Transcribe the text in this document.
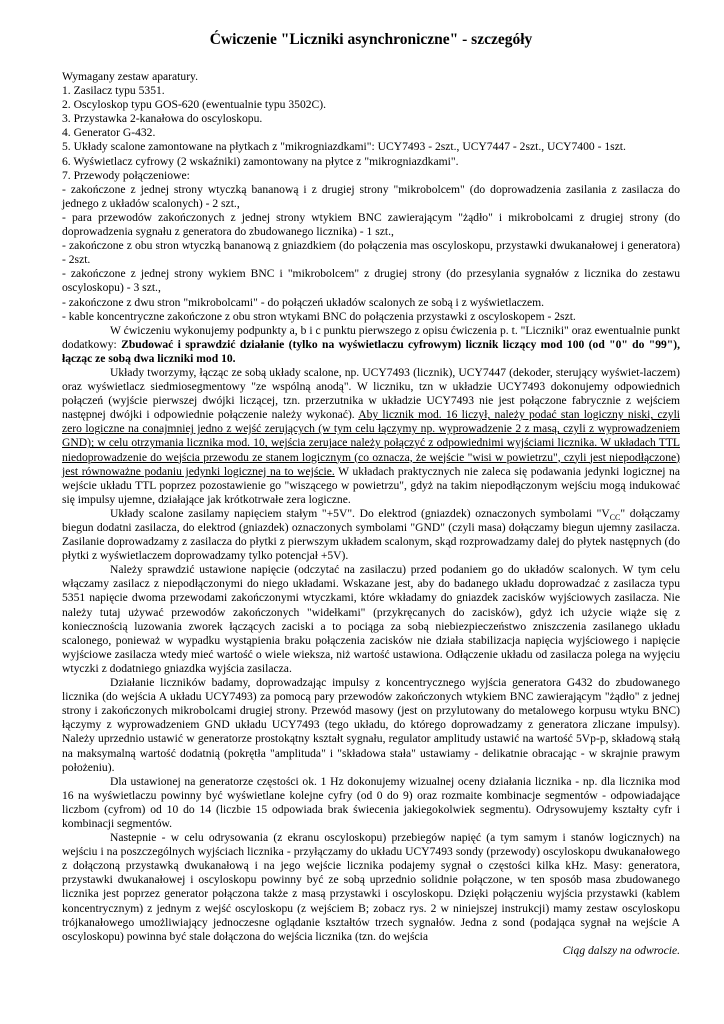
Ćwiczenie "Liczniki asynchroniczne" - szczegóły
Wymagany zestaw aparatury.
1. Zasilacz typu 5351.
2. Oscyloskop typu GOS-620 (ewentualnie typu 3502C).
3. Przystawka 2-kanałowa do oscyloskopu.
4. Generator G-432.
5. Układy scalone zamontowane na płytkach z "mikrogniazdkami": UCY7493 - 2szt., UCY7447 - 2szt., UCY7400 - 1szt.
6. Wyświetlacz cyfrowy (2 wskaźniki) zamontowany na płytce z "mikrogniazdkami".
7. Przewody połączeniowe:

- zakończone z jednej strony wtyczką bananową i z drugiej strony "mikrobolcem" (do doprowadzenia zasilania z zasilacza do jednego z układów scalonych) - 2 szt.,

- para przewodów zakończonych z jednej strony wtykiem BNC zawierającym "żądło" i mikrobolcami z drugiej strony (do doprowadzenia sygnału z generatora do zbudowanego licznika) - 1 szt.,

- zakończone z obu stron wtyczką bananową z gniazdkiem (do połączenia mas oscyloskopu, przystawki dwukanałowej i generatora) - 2szt.

- zakończone z jednej strony wykiem BNC i "mikrobolcem" z drugiej strony (do przesylania sygnałów z licznika do zestawu oscyloskopu) - 3 szt.,

- zakończone z dwu stron "mikrobolcami" - do połączeń układów scalonych ze sobą i z wyświetlaczem.

- kable koncentryczne zakończone z obu stron wtykami BNC do połączenia przystawki z oscyloskopem - 2szt.

W ćwiczeniu wykonujemy podpunkty a, b i c punktu pierwszego z opisu ćwiczenia p. t. "Liczniki" oraz ewentualnie punkt dodatkowy: Zbudować i sprawdzić działanie (tylko na wyświetlaczu cyfrowym) licznik liczący mod 100 (od "0" do "99"), łącząc ze sobą dwa liczniki mod 10.

Układy tworzymy, łącząc ze sobą układy scalone, np. UCY7493 (licznik), UCY7447 (dekoder, sterujący wyświet-laczem) oraz wyświetlacz siedmiosegmentowy "ze wspólną anodą". W liczniku, tzn w układzie UCY7493 dokonujemy odpowiednich połączeń (wyjście pierwszej dwójki liczącej, tzn. przerzutnika w układzie UCY7493 nie jest połączone fabrycznie z wejściem następnej dwójki i odpowiednie połączenie należy wykonać). Aby licznik mod. 16 liczył, należy podać stan logiczny niski, czyli zero logiczne na conajmniej jedno z wejść zerujących (w tym celu łączymy np. wyprowadzenie 2 z masą, czyli z wyprowadzeniem GND); w celu otrzymania licznika mod. 10, wejścia zerujace należy połączyć z odpowiednimi wyjściami licznika. W układach TTL niedoprowadzenie do wejścia przewodu ze stanem logicznym (co oznacza, że wejście "wisi w powietrzu", czyli jest niepodłączone) jest równoważne podaniu jedynki logicznej na to wejście. W układach praktycznych nie zaleca się podawania jedynki logicznej na wejście układu TTL poprzez pozostawienie go "wiszącego w powietrzu", gdyż na takim niepodłączonym wejściu mogą indukować się impulsy ujemne, działające jak krótkotrwałe zera logiczne.

Układy scalone zasilamy napięciem stałym "+5V". Do elektrod (gniazdek) oznaczonych symbolami "$V_{CC}$" dołączamy biegun dodatni zasilacza, do elektrod (gniazdek) oznaczonych symbolami "GND" (czyli masa) dołączamy biegun ujemny zasilacza. Zasilanie doprowadzamy z zasilacza do płytki z pierwszym układem scalonym, skąd rozprowadzamy dalej do płytek następnych (do płytki z wyświetlaczem doprowadzamy tylko potencjał +5V).

Należy sprawdzić ustawione napięcie (odczytać na zasilaczu) przed podaniem go do układów scalonych. W tym celu włączamy zasilacz z niepodłączonymi do niego układami. Wskazane jest, aby do badanego układu doprowadzać z zasilacza typu 5351 napięcie dwoma przewodami zakończonymi wtyczkami, które wkładamy do gniazdek zacisków wyjściowych zasilacza. Nie należy tutaj używać przewodów zakończonych "widełkami" (przykręcanych do zacisków), gdyż ich użycie wiąże się z koniecznością luzowania zworek łączących zaciski a to pociąga za sobą niebiezpieczeństwo zniszczenia zasilanego układu scalonego, ponieważ w wypadku wystąpienia braku połączenia zacisków nie działa stabilizacja napięcia wyjściowego i napięcie wyjściowe zasilacza wtedy mieć wartość o wiele wieksza, niż wartość ustawiona. Odłączenie układu od zasilacza polega na wyjęciu wtyczki z dodatniego gniazdka wyjścia zasilacza.

Działanie liczników badamy, doprowadzając impulsy z koncentrycznego wyjścia generatora G432 do zbudowanego licznika (do wejścia A układu UCY7493) za pomocą pary przewodów zakończonych wtykiem BNC zawierającym "żądło" z jednej strony i zakończonych mikrobolcami drugiej strony. Przewód masowy (jest on przylutowany do metalowego korpusu wtyku BNC) łączymy z wyprowadzeniem GND układu UCY7493 (tego układu, do którego doprowadzamy z generatora zliczane impulsy). Należy uprzednio ustawić w generatorze prostokątny kształt sygnału, regulator amplitudy ustawić na wartość 5Vp-p, składową stałą na maksymalną wartość dodatnią (pokrętła "amplituda" i "składowa stała" ustawiamy - delikatnie obracając - w skrajnie prawym położeniu).

Dla ustawionej na generatorze częstości ok. 1 Hz dokonujemy wizualnej oceny działania licznika - np. dla licznika mod 16 na wyświetlaczu powinny być wyświetlane kolejne cyfry (od 0 do 9) oraz rozmaite kombinacje segmentów - odpowiadające liczbom (cyfrom) od 10 do 14 (liczbie 15 odpowiada brak świecenia jakiegokolwiek segmentu). Odrysowujemy kształty cyfr i kombinacji segmentów.

Nastepnie - w celu odrysowania (z ekranu oscyloskopu) przebiegów napięć (a tym samym i stanów logicznych) na wejściu i na poszczególnych wyjściach licznika - przyłączamy do układu UCY7493 sondy (przewody) oscyloskopu dwukanałowego z dołączoną przystawką dwukanałową i na jego wejście licznika podajemy sygnał o częstości kilka kHz. Masy: generatora, przystawki dwukanałowej i oscyloskopu powinny być ze sobą uprzednio solidnie połączone, w ten sposób masa zbudowanego licznika jest poprzez generator połączona także z masą przystawki i oscyloskopu. Dzięki połączeniu wyjścia przystawki (kablem koncentrycznym) z jednym z wejść oscyloskopu (z wejściem B; zobacz rys. 2 w niniejszej instrukcji) mamy zestaw oscyloskopu trójkanałowego umożliwiający jednoczesne oglądanie kształtów trzech sygnałów. Jedna z sond (podająca sygnał na wejście A oscyloskopu) powinna być stale dołączona do wejścia licznika (tzn. do wejścia

Ciąg dalszy na odwrocie.
